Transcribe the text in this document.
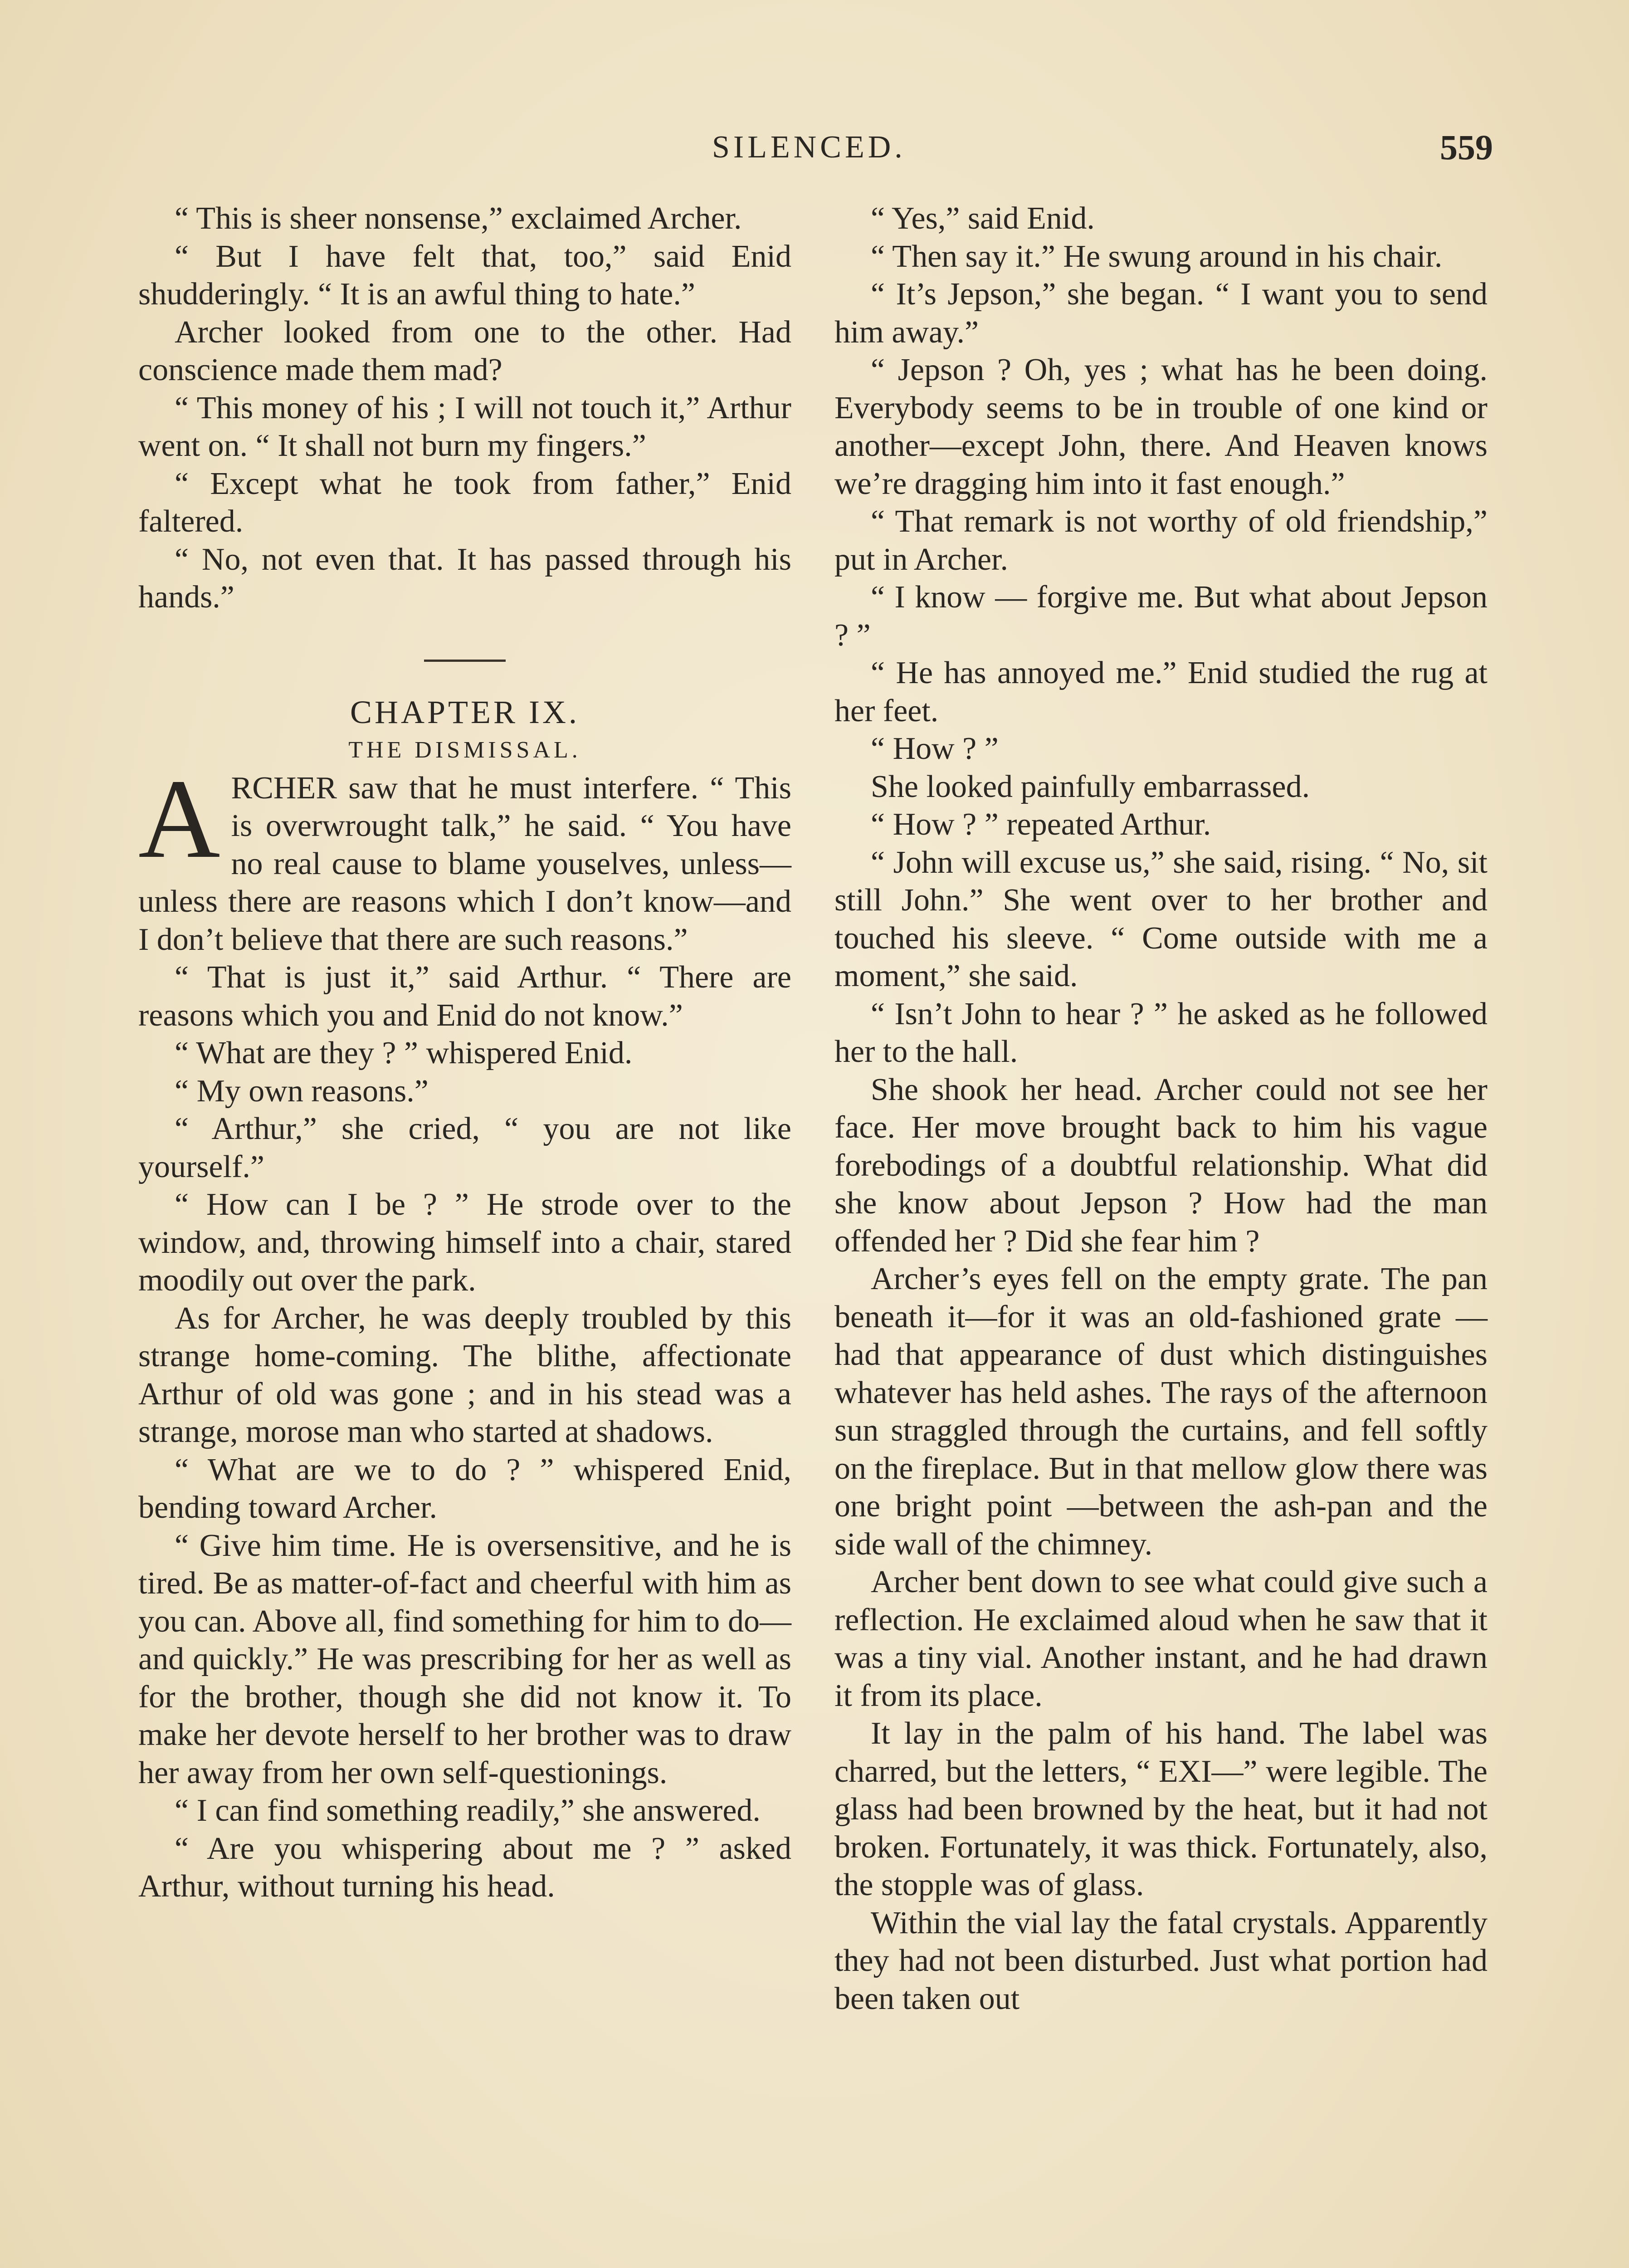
SILENCED.	559

“ This is sheer nonsense,” exclaimed Archer.

“ But I have felt that, too,” said Enid shudderingly. “ It is an awful thing to hate.”

Archer looked from one to the other. Had conscience made them mad?

“ This money of his ; I will not touch it,” Arthur went on. “ It shall not burn my fingers.”

“ Except what he took from father,” Enid faltered.

“ No, not even that. It has passed through his hands.”

CHAPTER IX.

THE DISMISSAL.

ARCHER saw that he must interfere. “ This is overwrought talk,” he said. “ You have no real cause to blame youselves, unless—unless there are reasons which I don’t know—and I don’t believe that there are such reasons.”

“ That is just it,” said Arthur. “ There are reasons which you and Enid do not know.”

“ What are they ? ” whispered Enid.

“ My own reasons.”

“ Arthur,” she cried, “ you are not like yourself.”

“ How can I be ? ” He strode over to the window, and, throwing himself into a chair, stared moodily out over the park.

As for Archer, he was deeply troubled by this strange home-coming. The blithe, affectionate Arthur of old was gone ; and in his stead was a strange, morose man who started at shadows.

“ What are we to do ? ” whispered Enid, bending toward Archer.

“ Give him time. He is oversensitive, and he is tired. Be as matter-of-fact and cheerful with him as you can. Above all, find something for him to do—and quickly.” He was prescribing for her as well as for the brother, though she did not know it. To make her devote herself to her brother was to draw her away from her own self-questionings.

“ I can find something readily,” she answered.

“ Are you whispering about me ? ” asked Arthur, without turning his head.

“ Yes,” said Enid.

“ Then say it.” He swung around in his chair.

“ It’s Jepson,” she began. “ I want you to send him away.”

“ Jepson ? Oh, yes ; what has he been doing. Everybody seems to be in trouble of one kind or another—except John, there. And Heaven knows we’re dragging him into it fast enough.”

“ That remark is not worthy of old friendship,” put in Archer.

“ I know — forgive me. But what about Jepson ? ”

“ He has annoyed me.” Enid studied the rug at her feet.

“ How ? ”

She looked painfully embarrassed.

“ How ? ” repeated Arthur.

“ John will excuse us,” she said, rising. “ No, sit still John.” She went over to her brother and touched his sleeve. “ Come outside with me a moment,” she said.

“ Isn’t John to hear ? ” he asked as he followed her to the hall.

She shook her head. Archer could not see her face. Her move brought back to him his vague forebodings of a doubtful relationship. What did she know about Jepson ? How had the man offended her ? Did she fear him ?

Archer’s eyes fell on the empty grate. The pan beneath it—for it was an old-fashioned grate — had that appearance of dust which distinguishes whatever has held ashes. The rays of the afternoon sun straggled through the curtains, and fell softly on the fireplace. But in that mellow glow there was one bright point —between the ash-pan and the side wall of the chimney.

Archer bent down to see what could give such a reflection. He exclaimed aloud when he saw that it was a tiny vial. Another instant, and he had drawn it from its place.

It lay in the palm of his hand. The label was charred, but the letters, “ EXI—” were legible. The glass had been browned by the heat, but it had not broken. Fortunately, it was thick. Fortunately, also, the stopple was of glass.

Within the vial lay the fatal crystals. Apparently they had not been disturbed. Just what portion had been taken out
